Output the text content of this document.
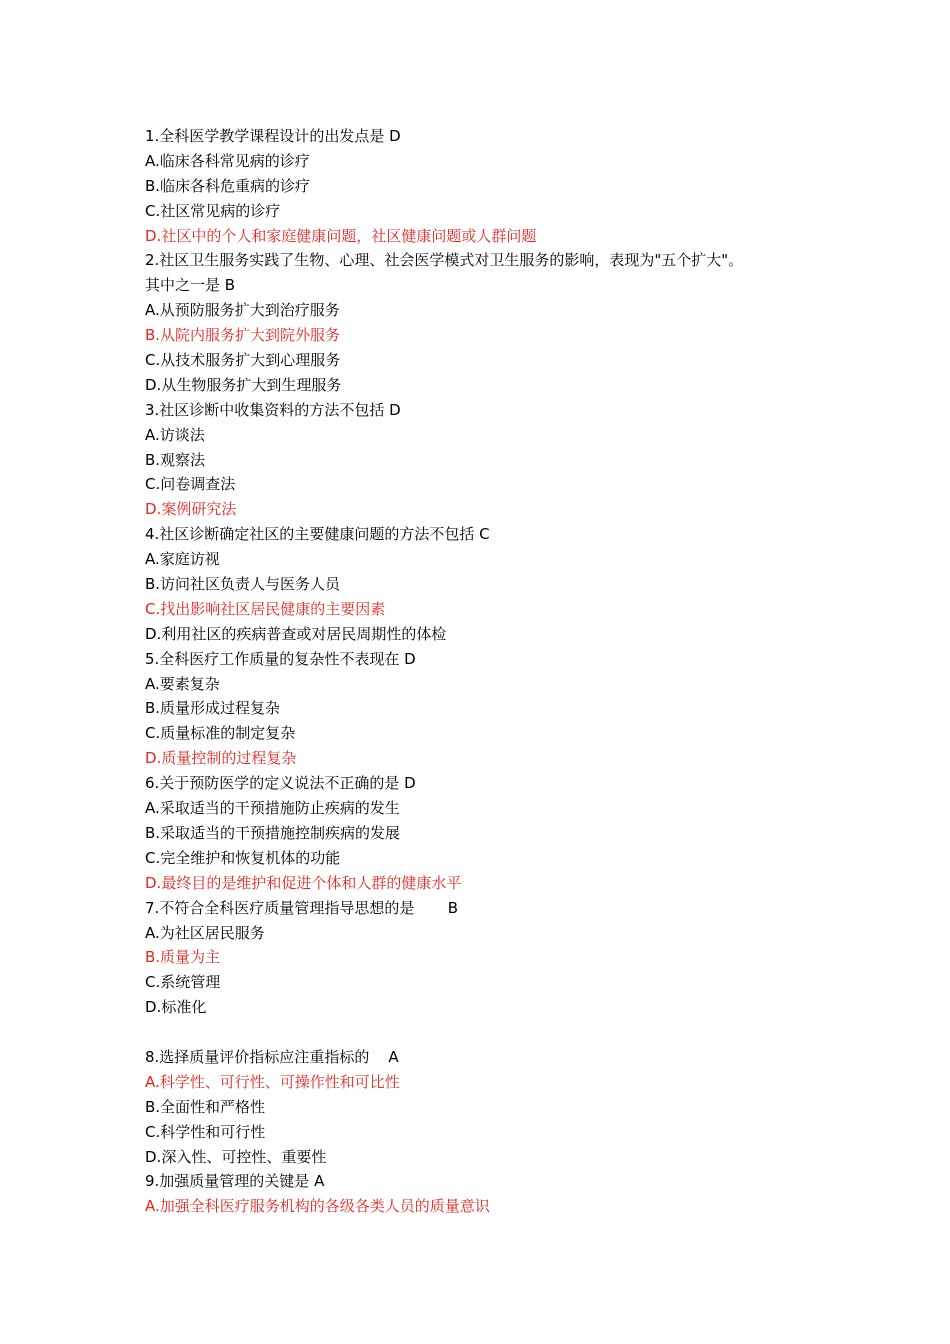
1.全科医学教学课程设计的出发点是 D
A.临床各科常见病的诊疗
B.临床各科危重病的诊疗
C.社区常见病的诊疗
D.社区中的个人和家庭健康问题，社区健康问题或人群问题
2.社区卫生服务实践了生物、心理、社会医学模式对卫生服务的影响，表现为"五个扩大"。
其中之一是 B
A.从预防服务扩大到治疗服务
B.从院内服务扩大到院外服务
C.从技术服务扩大到心理服务
D.从生物服务扩大到生理服务
3.社区诊断中收集资料的方法不包括 D
A.访谈法
B.观察法
C.问卷调查法
D.案例研究法
4.社区诊断确定社区的主要健康问题的方法不包括 C
A.家庭访视
B.访问社区负责人与医务人员
C.找出影响社区居民健康的主要因素
D.利用社区的疾病普查或对居民周期性的体检
5.全科医疗工作质量的复杂性不表现在 D
A.要素复杂
B.质量形成过程复杂
C.质量标准的制定复杂
D.质量控制的过程复杂
6.关于预防医学的定义说法不正确的是 D
A.采取适当的干预措施防止疾病的发生
B.采取适当的干预措施控制疾病的发展
C.完全维护和恢复机体的功能
D.最终目的是维护和促进个体和人群的健康水平
7.不符合全科医疗质量管理指导思想的是       B
A.为社区居民服务
B.质量为主
C.系统管理
D.标准化
8.选择质量评价指标应注重指标的    A
A.科学性、可行性、可操作性和可比性
B.全面性和严格性
C.科学性和可行性
D.深入性、可控性、重要性
9.加强质量管理的关键是 A
A.加强全科医疗服务机构的各级各类人员的质量意识
